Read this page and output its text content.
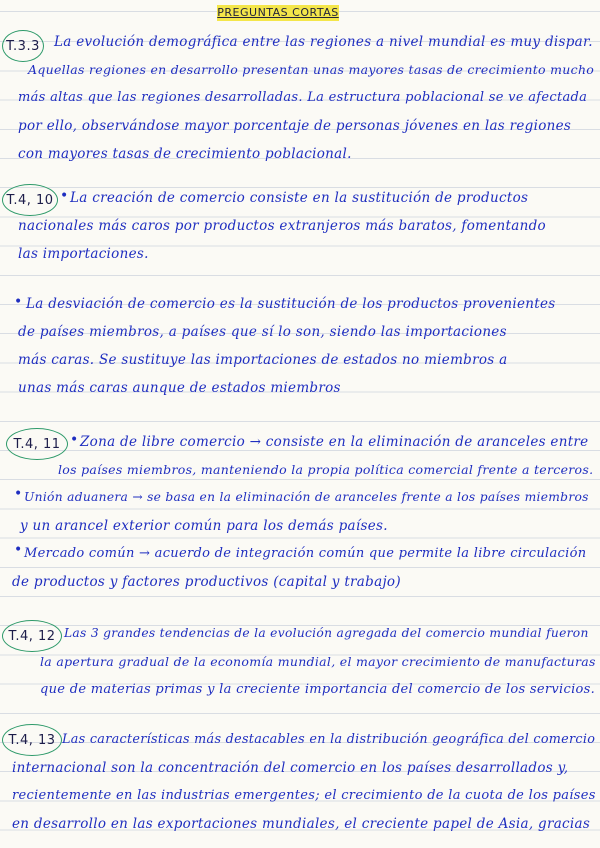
PREGUNTAS CORTAS
T.3.3	La evolución demográfica entre las regiones a nivel mundial es muy dispar.
Aquellas regiones en desarrollo presentan unas mayores tasas de crecimiento mucho
más altas que las regiones desarrolladas. La estructura poblacional se ve afectada
por ello, observándose mayor porcentaje de personas jóvenes en las regiones
con mayores tasas de crecimiento poblacional.
T.4, 10 • La creación de comercio consiste en la sustitución de productos
nacionales más caros por productos extranjeros más baratos, fomentando
las importaciones.
• La desviación de comercio es la sustitución de los productos provenientes
de países miembros, a países que sí lo son, siendo las importaciones
más caras. Se sustituye las importaciones de estados no miembros a
unas más caras aunque de estados miembros
T.4, 11 • Zona de libre comercio → consiste en la eliminación de aranceles entre
los países miembros, manteniendo la propia política comercial frente a terceros.
• Unión aduanera → se basa en la eliminación de aranceles frente a los países miembros
y un arancel exterior común para los demás países.
• Mercado común → acuerdo de integración común que permite la libre circulación
de productos y factores productivos (capital y trabajo)
T.4, 12 Las 3 grandes tendencias de la evolución agregada del comercio mundial fueron
la apertura gradual de la economía mundial, el mayor crecimiento de manufacturas
que de materias primas y la creciente importancia del comercio de los servicios.
T.4, 13 Las características más destacables en la distribución geográfica del comercio
internacional son la concentración del comercio en los países desarrollados y,
recientemente en las industrias emergentes; el crecimiento de la cuota de los países
en desarrollo en las exportaciones mundiales, el creciente papel de Asia, gracias
